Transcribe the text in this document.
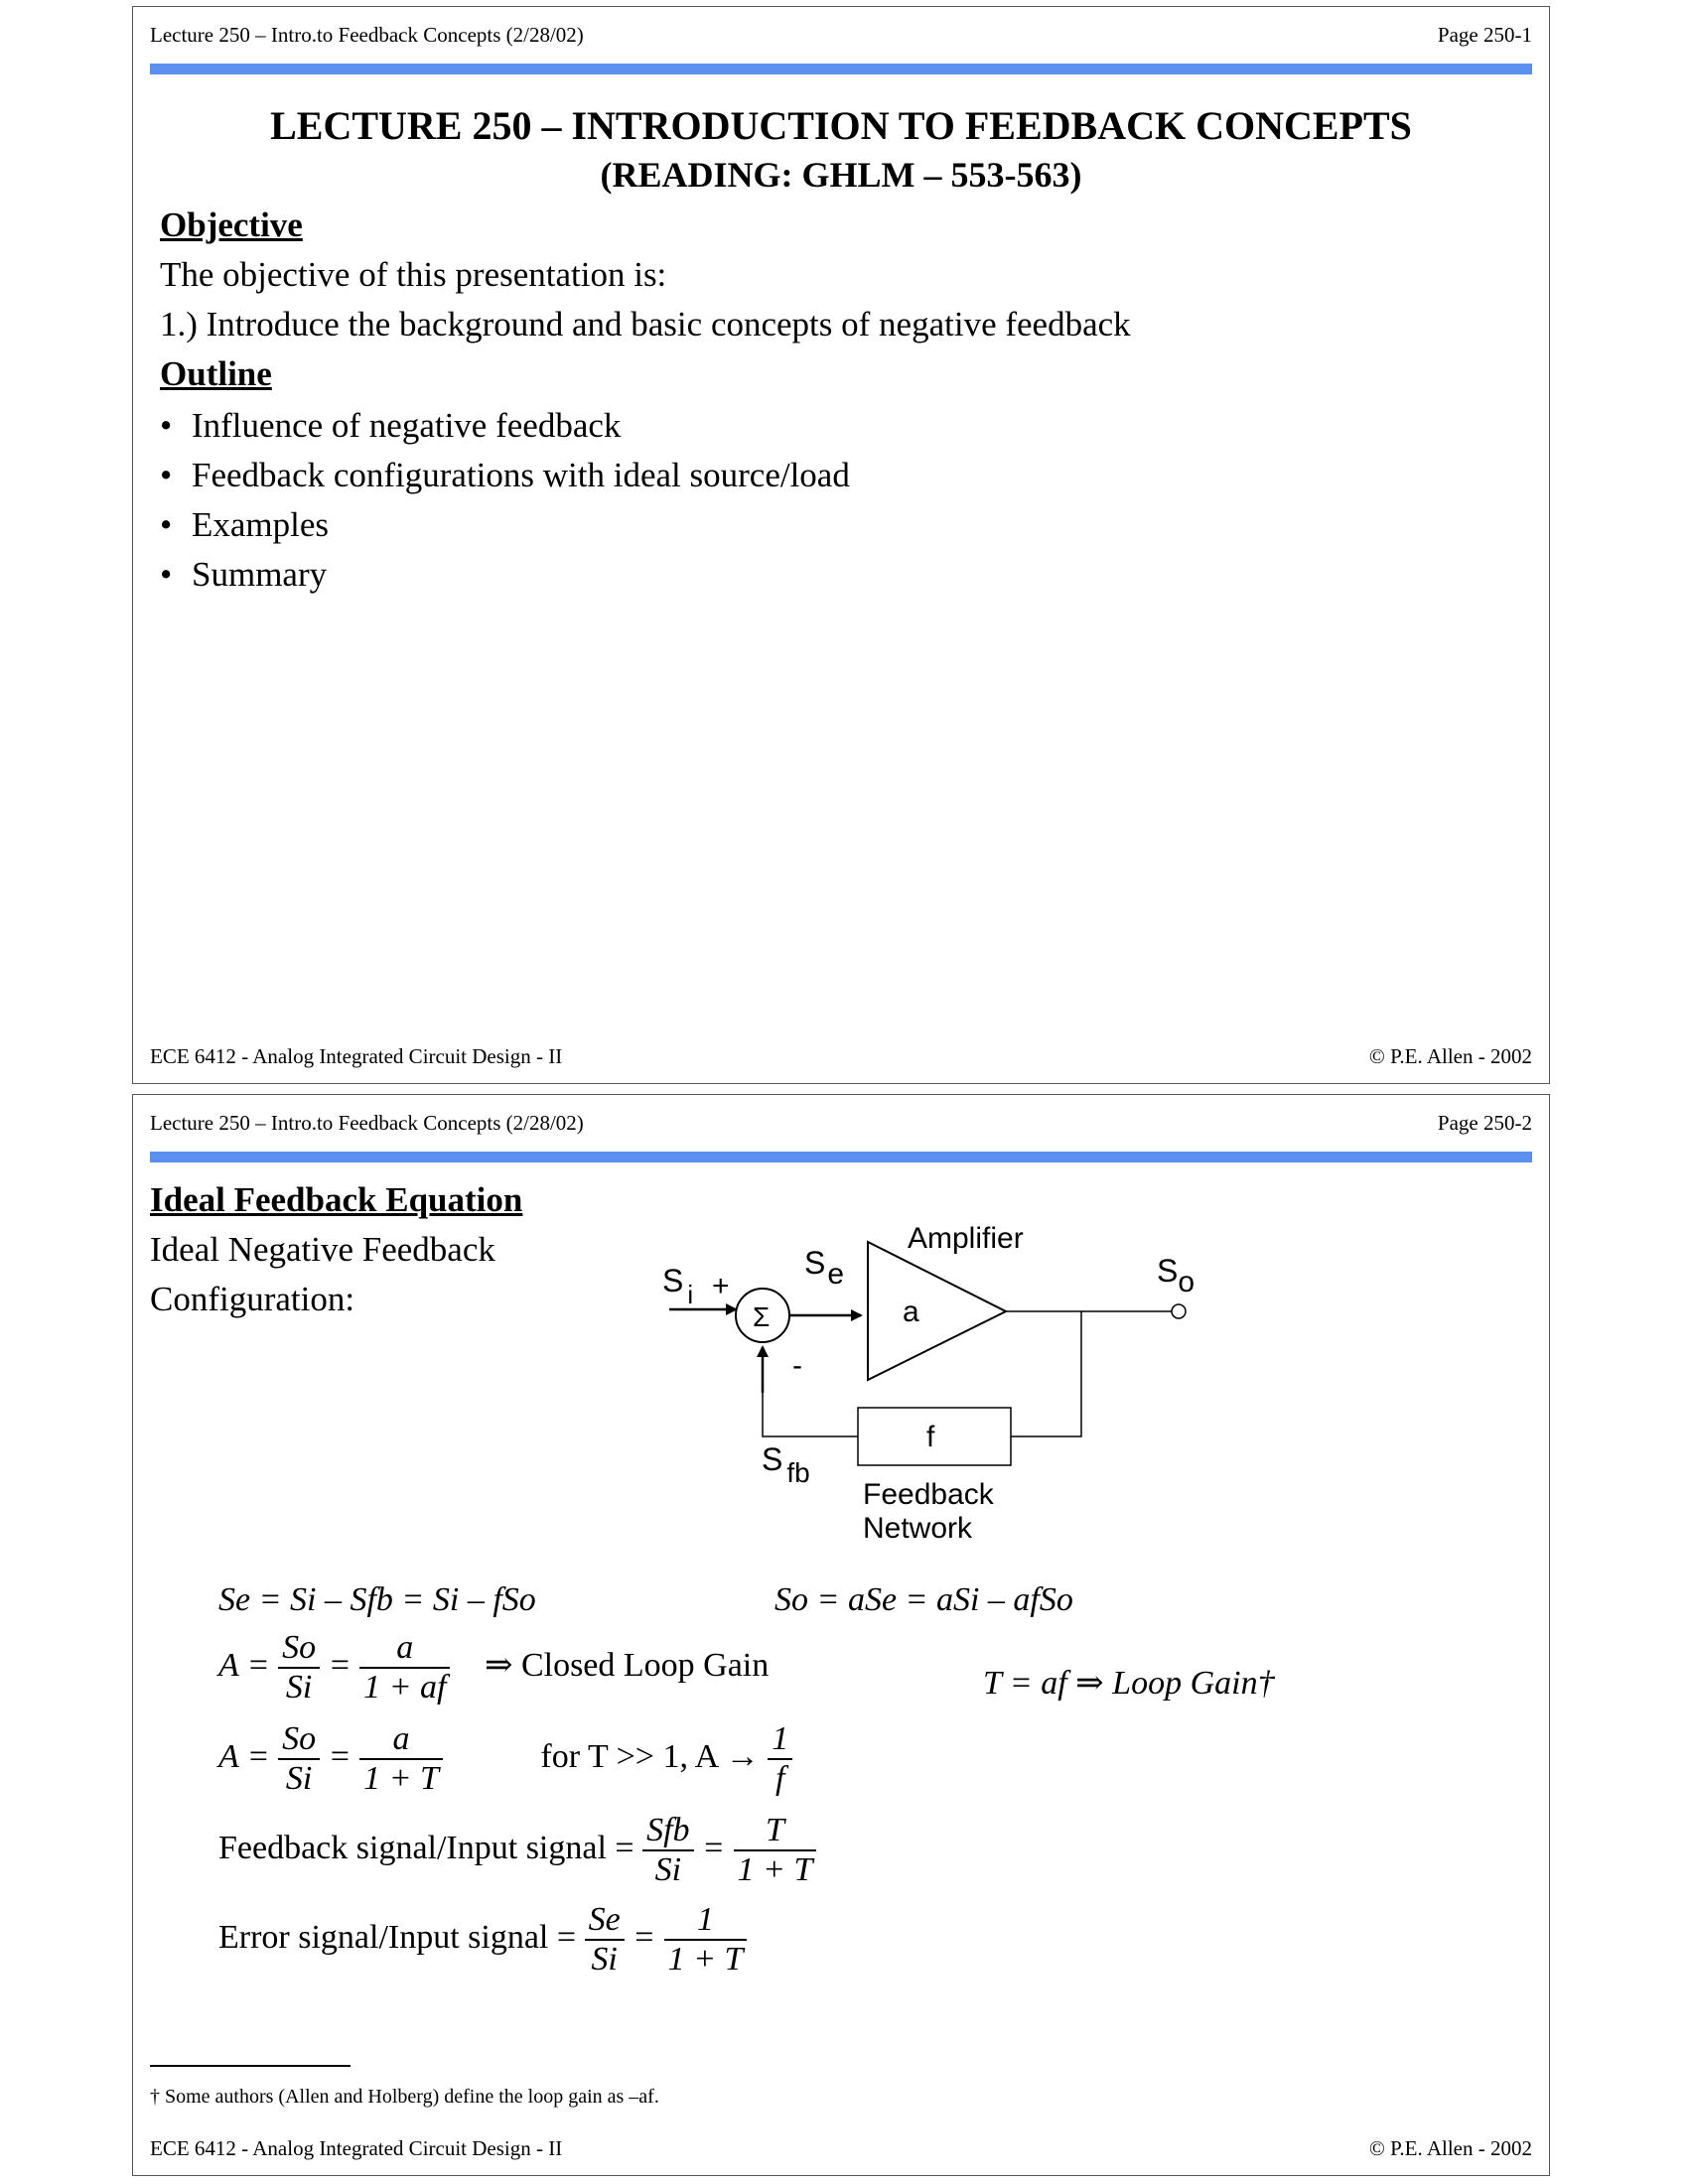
Lecture 250 – Intro.to Feedback Concepts (2/28/02)	Page 250-1
LECTURE 250 – INTRODUCTION TO FEEDBACK CONCEPTS
(READING: GHLM – 553-563)
Objective
The objective of this presentation is:
1.) Introduce the background and basic concepts of negative feedback
Outline
• Influence of negative feedback
• Feedback configurations with ideal source/load
• Examples
• Summary
ECE 6412 - Analog Integrated Circuit Design - II	© P.E. Allen - 2002
Lecture 250 – Intro.to Feedback Concepts (2/28/02)	Page 250-2
Ideal Feedback Equation
Ideal Negative Feedback
Configuration:	Σ	a
Amplifier
f
+
-
S $_i$
Se	So
S fb
Feedback
Network
Se = Si – Sfb = Si – fSo	So = aSe = aSi – afSo
$A = \frac{So}{Si} = \frac{a}{1 + af}$ ⇒ Closed Loop Gain	T = af ⇒ Loop Gain†
$A = \frac{So}{Si} = \frac{a}{1 + T}$	for T >> 1, $A \to \frac{1}{f}$
Feedback signal/Input signal = $\frac{\text{Sfb}}{Si} = \frac{T}{1 + T}$
Error signal/Input signal = $\frac{Se}{Si} = \frac{1}{1 + T}$
† Some authors (Allen and Holberg) define the loop gain as –af.
ECE 6412 - Analog Integrated Circuit Design - II	© P.E. Allen - 2002
